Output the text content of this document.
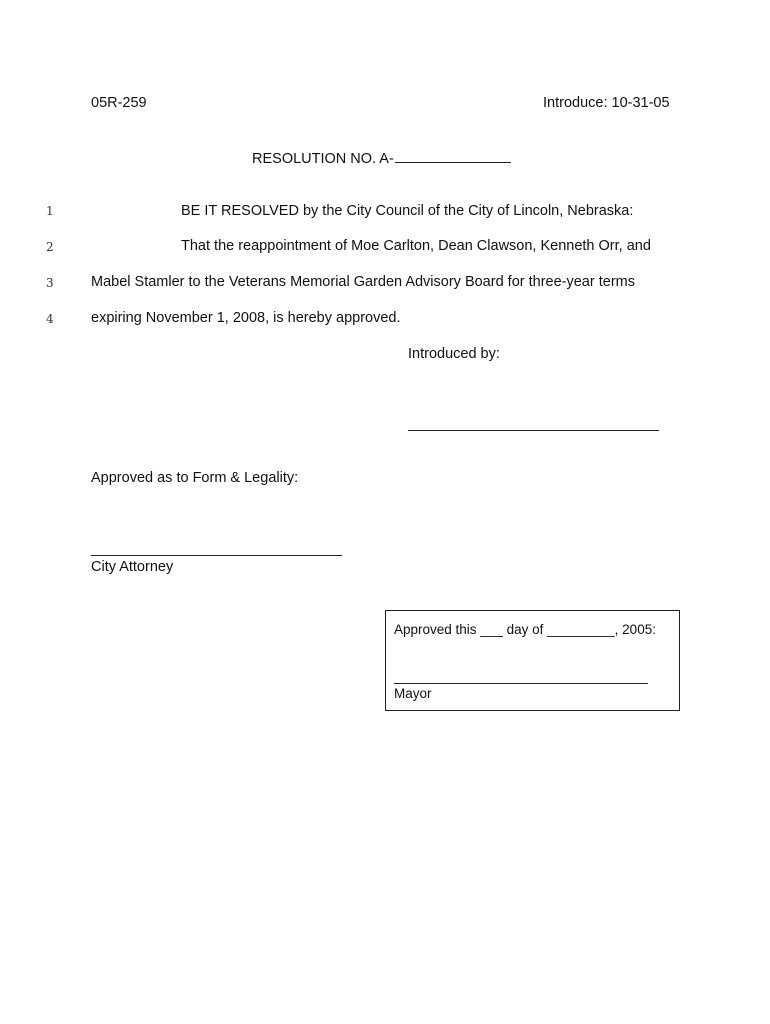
05R-259	Introduce: 10-31-05
RESOLUTION NO. A-
1	BE IT RESOLVED by the City Council of the City of Lincoln, Nebraska:
2	That the reappointment of Moe Carlton, Dean Clawson, Kenneth Orr, and
3	Mabel Stamler to the Veterans Memorial Garden Advisory Board for three-year terms
4	expiring November 1, 2008, is hereby approved.
Introduced by:
Approved as to Form & Legality:
City Attorney
Approved this ___ day of _________, 2005:
Mayor
